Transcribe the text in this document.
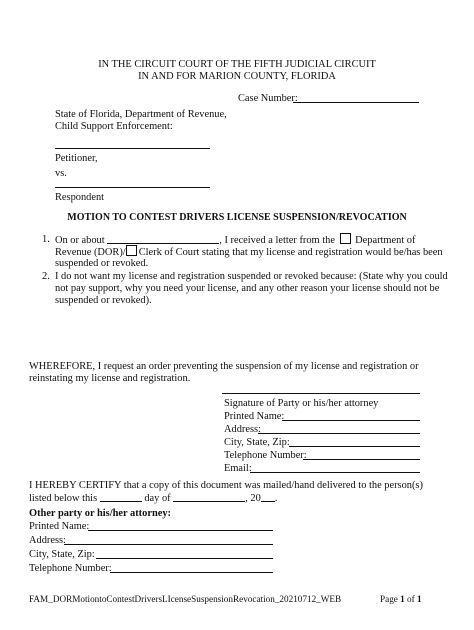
IN THE CIRCUIT COURT OF THE FIFTH JUDICIAL CIRCUIT
IN AND FOR MARION COUNTY, FLORIDA
Case Number:
State of Florida, Department of Revenue,
Child Support Enforcement:
Petitioner,
vs.
Respondent
MOTION TO CONTEST DRIVERS LICENSE SUSPENSION/REVOCATION
1. On or about	, I received a letter from the Department of
Revenue (DOR)/ Clerk of Court stating that my license and registration would be/has been
suspended or revoked.
2. I do not want my license and registration suspended or revoked because: (State why you could
not pay support, why you need your license, and any other reason your license should not be
suspended or revoked).
WHEREFORE, I request an order preventing the suspension of my license and registration or
reinstating my license and registration.
Signature of Party or his/her attorney
Printed Name:
Address:
City, State, Zip:
Telephone Number:
Email:
I HEREBY CERTIFY that a copy of this document was mailed/hand delivered to the person(s)
listed below this	day of	, 20 .
Other party or his/her attorney:
Printed Name:
Address:
City, State, Zip:
Telephone Number:
FAM_DORMotiontoContestDriversLIcenseSuspensionRevocation_20210712_WEB	Page 1 of 1
